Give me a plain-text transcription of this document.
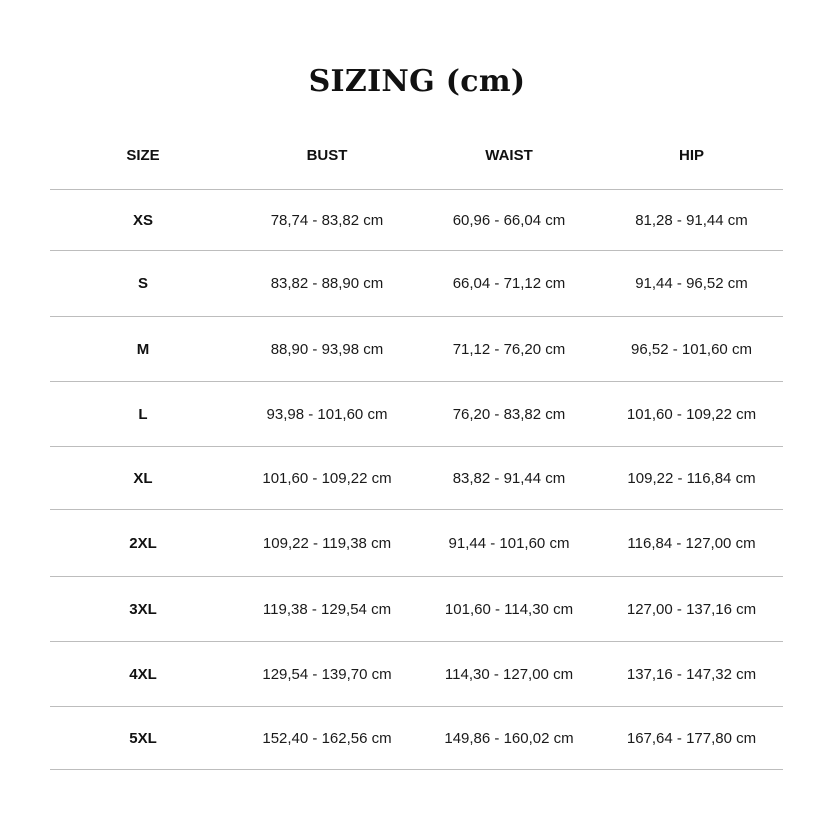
SIZING (cm)
SIZE	BUST	WAIST	HIP
XS	78,74 - 83,82 cm	60,96 - 66,04 cm	81,28 - 91,44 cm
S	83,82 - 88,90 cm	66,04 - 71,12 cm	91,44 - 96,52 cm
M	88,90 - 93,98 cm	71,12 - 76,20 cm	96,52 - 101,60 cm
L	93,98 - 101,60 cm	76,20 - 83,82 cm	101,60 - 109,22 cm
XL	101,60 - 109,22 cm	83,82 - 91,44 cm	109,22 - 116,84 cm
2XL	109,22 - 119,38 cm	91,44 - 101,60 cm	116,84 - 127,00 cm
3XL	119,38 - 129,54 cm	101,60 - 114,30 cm	127,00 - 137,16 cm
4XL	129,54 - 139,70 cm	114,30 - 127,00 cm	137,16 - 147,32 cm
5XL	152,40 - 162,56 cm	149,86 - 160,02 cm	167,64 - 177,80 cm
